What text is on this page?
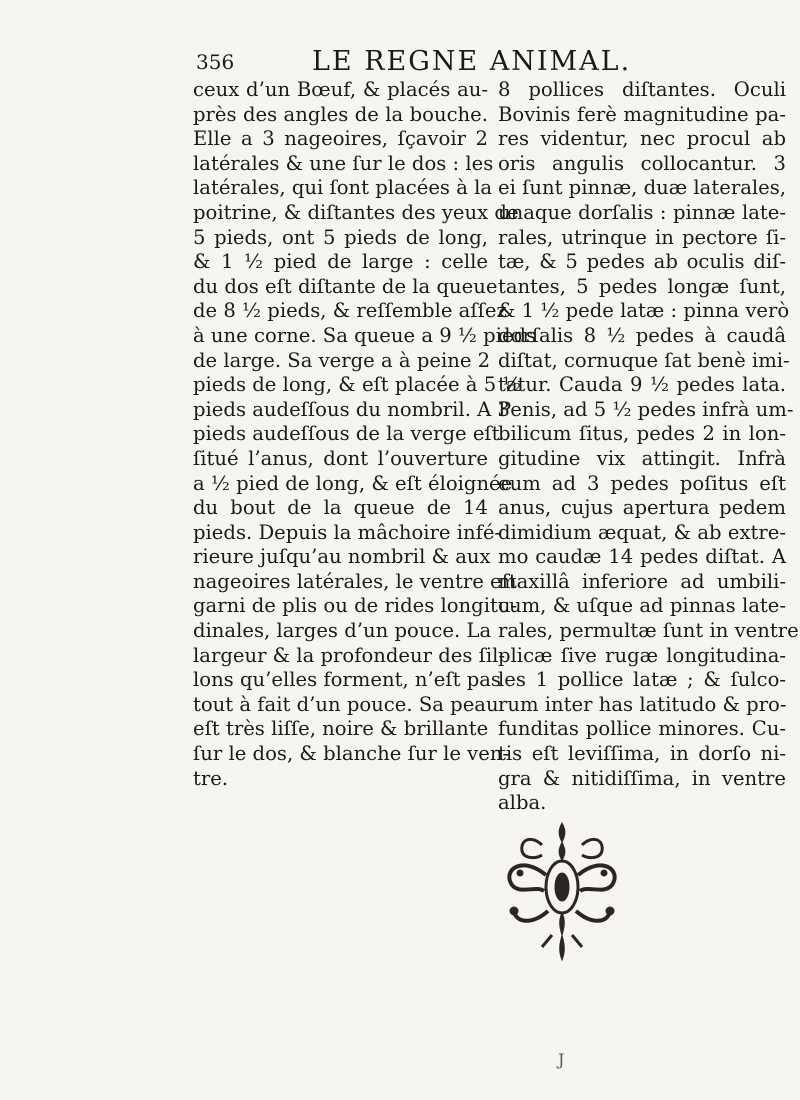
356	LE REGNE ANIMAL.
ceux d’un Bœuf, & placés au-
près des angles de la bouche.
Elle a 3 nageoires, ſçavoir 2
latérales & une ſur le dos : les
latérales, qui ſont placées à la
poitrine, & diſtantes des yeux de
5 pieds, ont 5 pieds de long,
& 1 ½ pied de large : celle
du dos eſt diſtante de la queue
de 8 ½ pieds, & reſſemble aſſez
à une corne. Sa queue a 9 ½ pieds
de large. Sa verge a à peine 2
pieds de long, & eſt placée à 5 ½
pieds audeſſous du nombril. A 3
pieds audeſſous de la verge eſt
ſitué l’anus, dont l’ouverture
a ½ pied de long, & eſt éloignée
du bout de la queue de 14
pieds. Depuis la mâchoire infé-
rieure juſqu’au nombril & aux
nageoires latérales, le ventre eſt
garni de plis ou de rides longitu-
dinales, larges d’un pouce. La
largeur & la profondeur des ſil-
lons qu’elles forment, n’eſt pas
tout à fait d’un pouce. Sa peau
eſt très liſſe, noire & brillante
ſur le dos, & blanche ſur le ven-
tre.
8 pollices diſtantes. Oculi
Bovinis ferè magnitudine pa-
res videntur, nec procul ab
oris angulis collocantur. 3
ei ſunt pinnæ, duæ laterales,
unaque dorſalis : pinnæ late-
rales, utrinque in pectore ſi-
tæ, & 5 pedes ab oculis diſ-
tantes, 5 pedes longæ ſunt,
& 1 ½ pede latæ : pinna verò
dorſalis 8 ½ pedes à caudâ
diſtat, cornuque ſat benè imi-
tatur. Cauda 9 ½ pedes lata.
Penis, ad 5 ½ pedes infrà um-
bilicum ſitus, pedes 2 in lon-
gitudine vix attingit. Infrà
eum ad 3 pedes poſitus eſt
anus, cujus apertura pedem
dimidium æquat, & ab extre-
mo caudæ 14 pedes diſtat. A
maxillâ inferiore ad umbili-
cum, & uſque ad pinnas late-
rales, permultæ ſunt in ventre
plicæ ſive rugæ longitudina-
les 1 pollice latæ ; & ſulco-
rum inter has latitudo & pro-
funditas pollice minores. Cu-
tis eſt leviſſima, in dorſo ni-
gra & nitidiſſima, in ventre
alba.
J
